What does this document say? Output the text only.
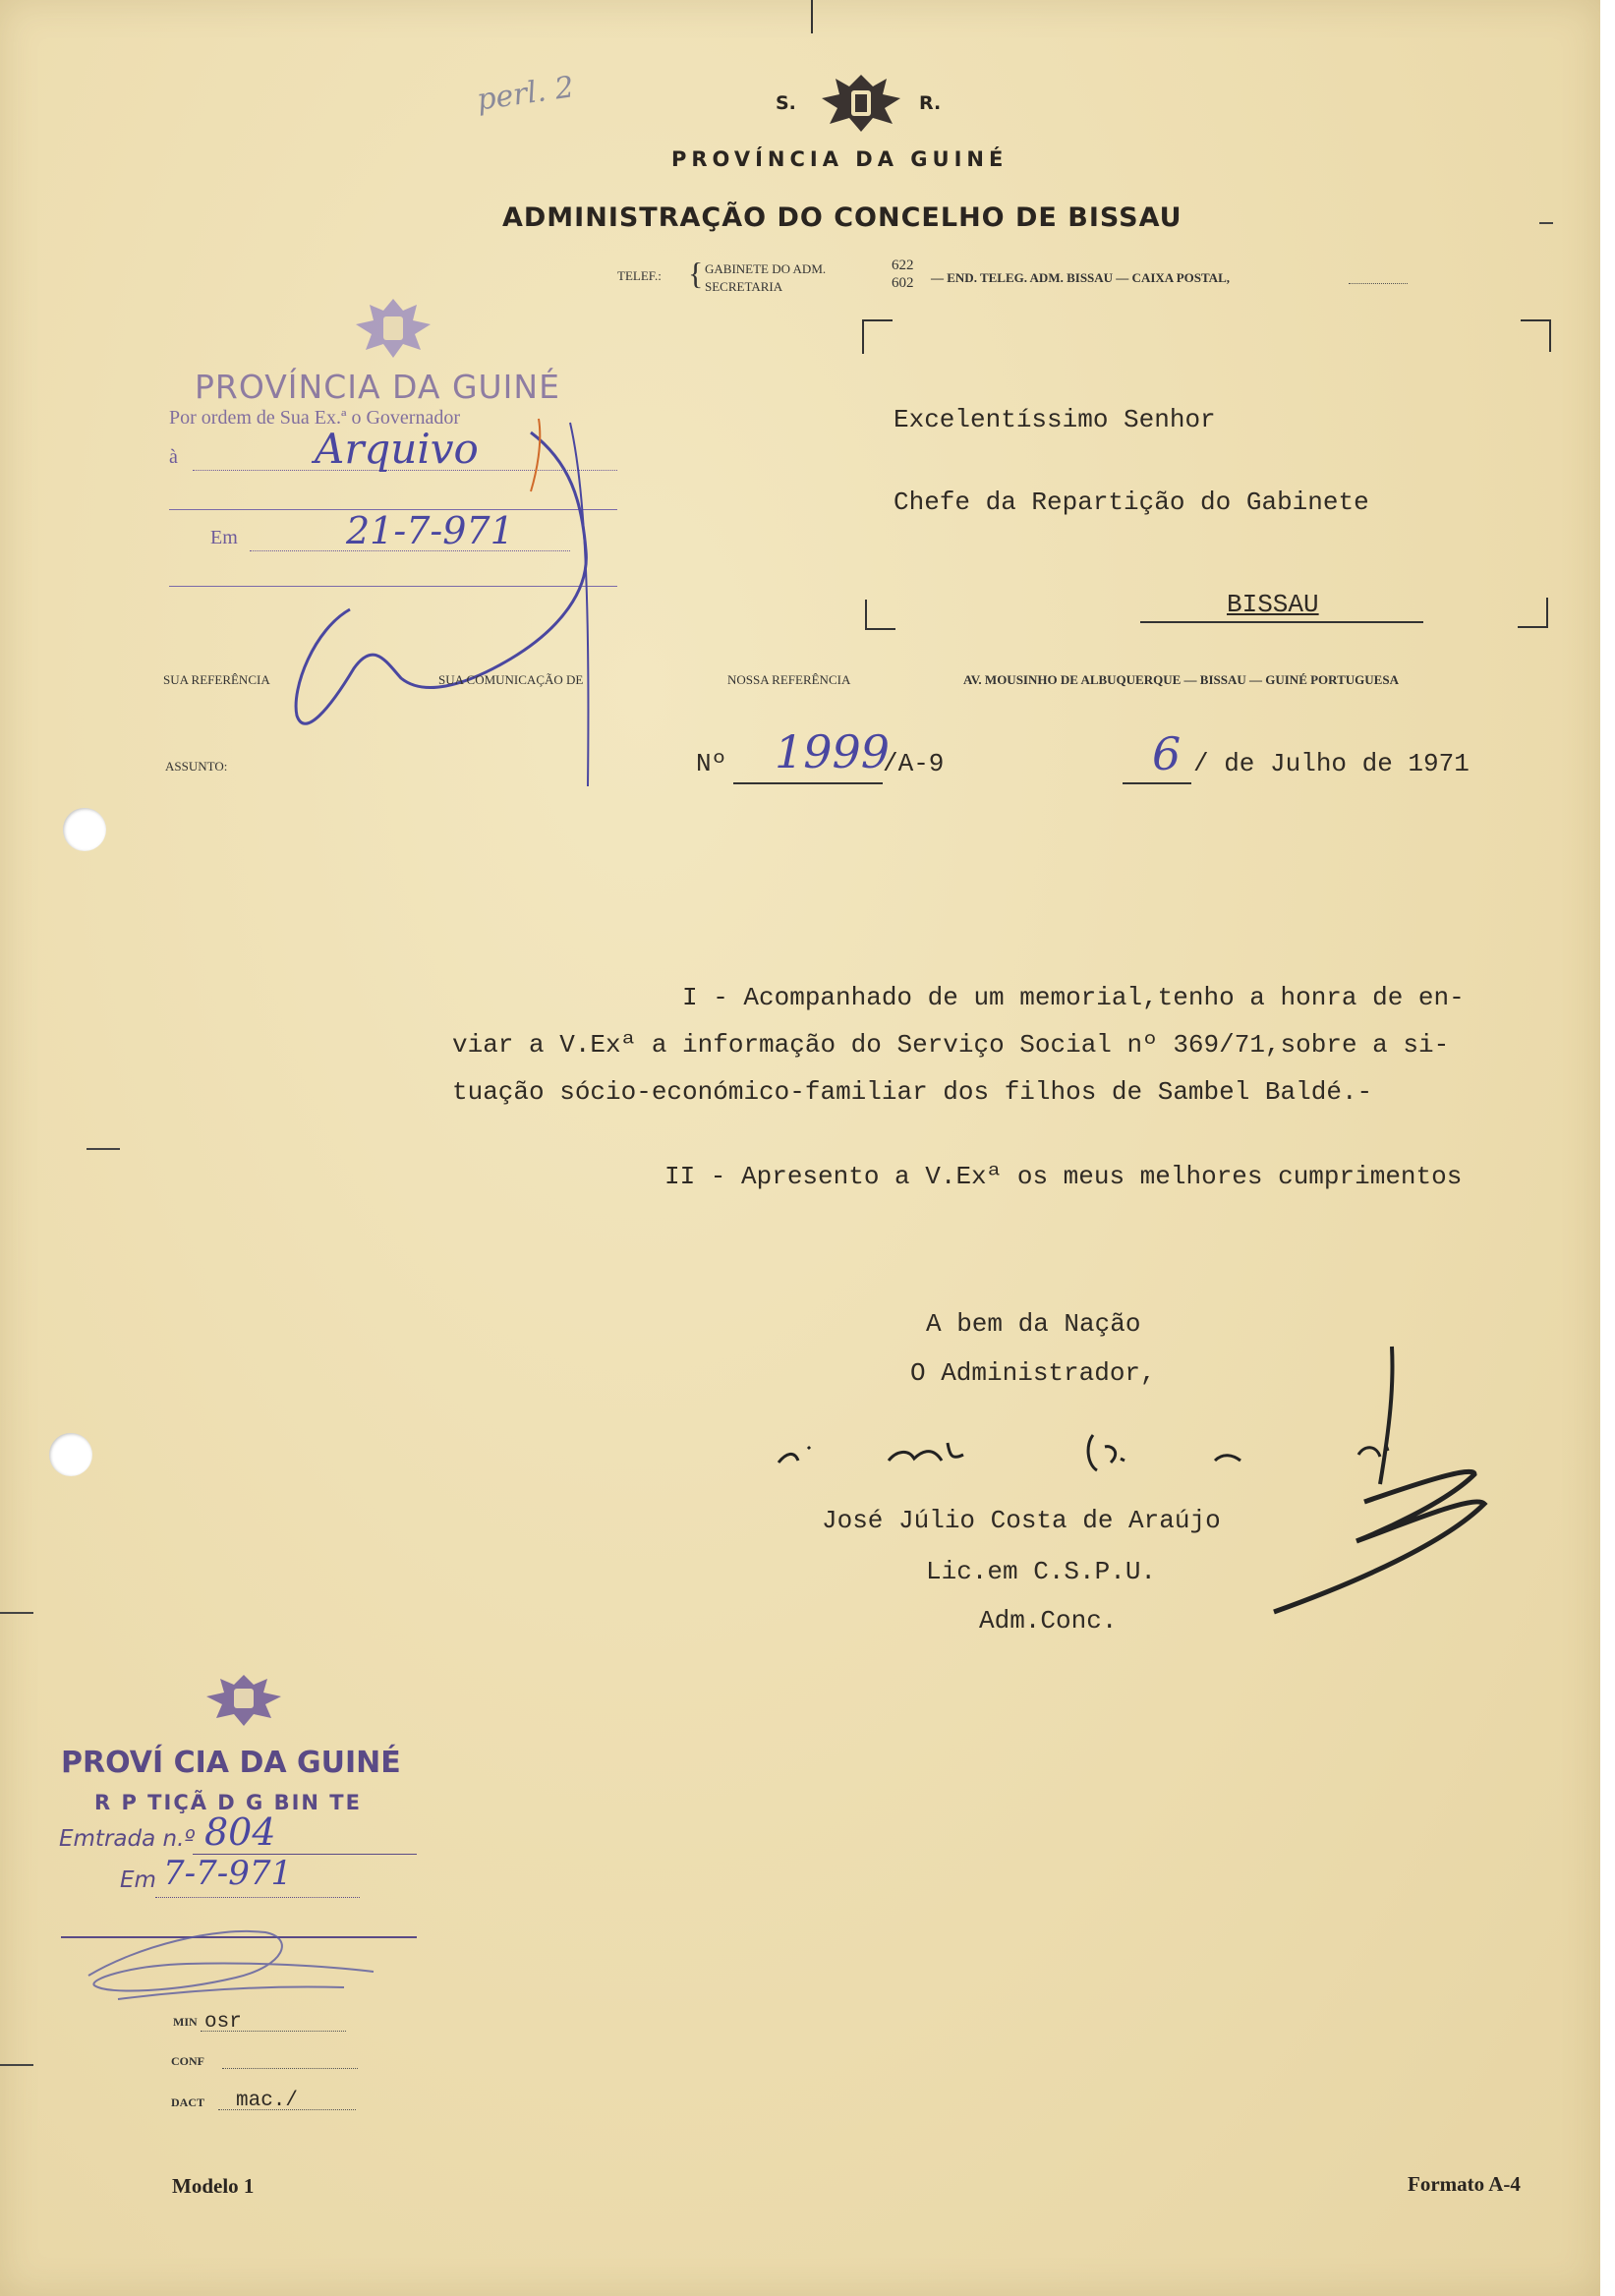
perl. 2	S.	R.
PROVÍNCIA DA GUINÉ
ADMINISTRAÇÃO DO CONCELHO DE BISSAU
TELEF.: { GABINETE DO ADM.
SECRETARIA
622
602 — END. TELEG. ADM. BISSAU — CAIXA POSTAL,
Excelentíssimo Senhor
Chefe da Repartição do Gabinete
BISSAU
PROVÍNCIA DA GUINÉ
Por ordem de Sua Ex.ª o Governador
à	Arquivo
Em	21-7-971
SUA REFERÊNCIA	SUA COMUNICAÇÃO DE	NOSSA REFERÊNCIA	AV. MOUSINHO DE ALBUQUERQUE — BISSAU — GUINÉ PORTUGUESA
ASSUNTO:	Nº 1999
/A-9	6 / de Julho de 1971
I - Acompanhado de um memorial,tenho a honra de en-
viar a V.Exª a informação do Serviço Social nº 369/71,sobre a si-
tuação sócio-económico-familiar dos filhos de Sambel Baldé.-
II - Apresento a V.Exª os meus melhores cumprimentos
A bem da Nação
O Administrador,
José Júlio Costa de Araújo
Lic.em C.S.P.U.
Adm.Conc.
PROVÍ CIA DA GUINÉ
R P TIÇÃ D G BIN TE
Emtrada n.º 804
Em 7-7-971
MIN osr
CONF
DACT mac./
Modelo 1	Formato A-4
